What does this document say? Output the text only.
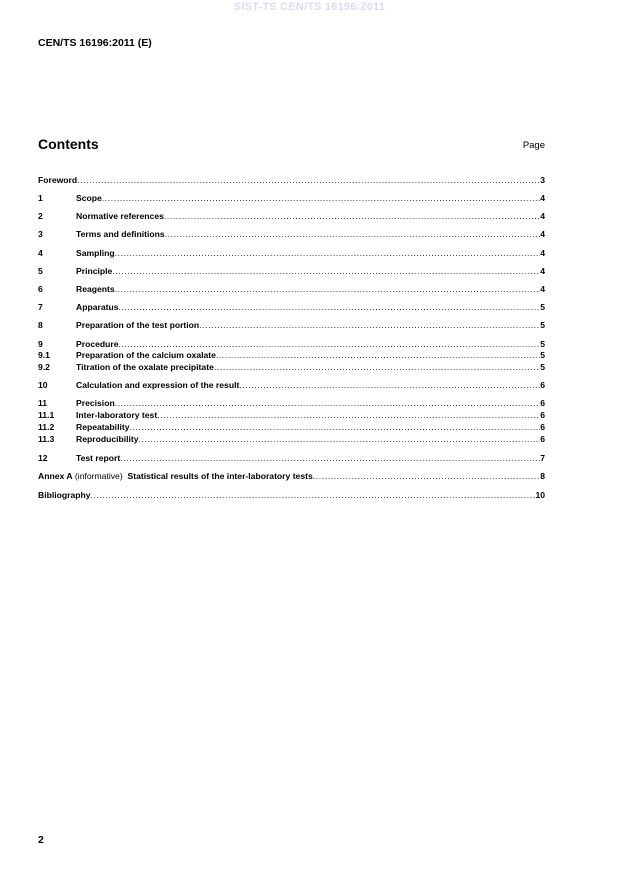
SIST-TS CEN/TS 16196:2011
CEN/TS 16196:2011 (E)
Contents	Page
Foreword .....	3
1	Scope .....	4
2	Normative references .....	4
3	Terms and definitions .....	4
4	Sampling .....	4
5	Principle .....	4
6	Reagents .....	4
7	Apparatus .....	5
8	Preparation of the test portion .....	5
9	Procedure .....	5
9.1	Preparation of the calcium oxalate .....	5
9.2	Titration of the oxalate precipitate .....	5
10	Calculation and expression of the result .....	6
11	Precision .....	6
11.1	Inter-laboratory test .....	6
11.2	Repeatability .....	6
11.3	Reproducibility .....	6
12	Test report .....	7
Annex A (informative)  Statistical results of the inter-laboratory tests .....	8
Bibliography .....	10
2
